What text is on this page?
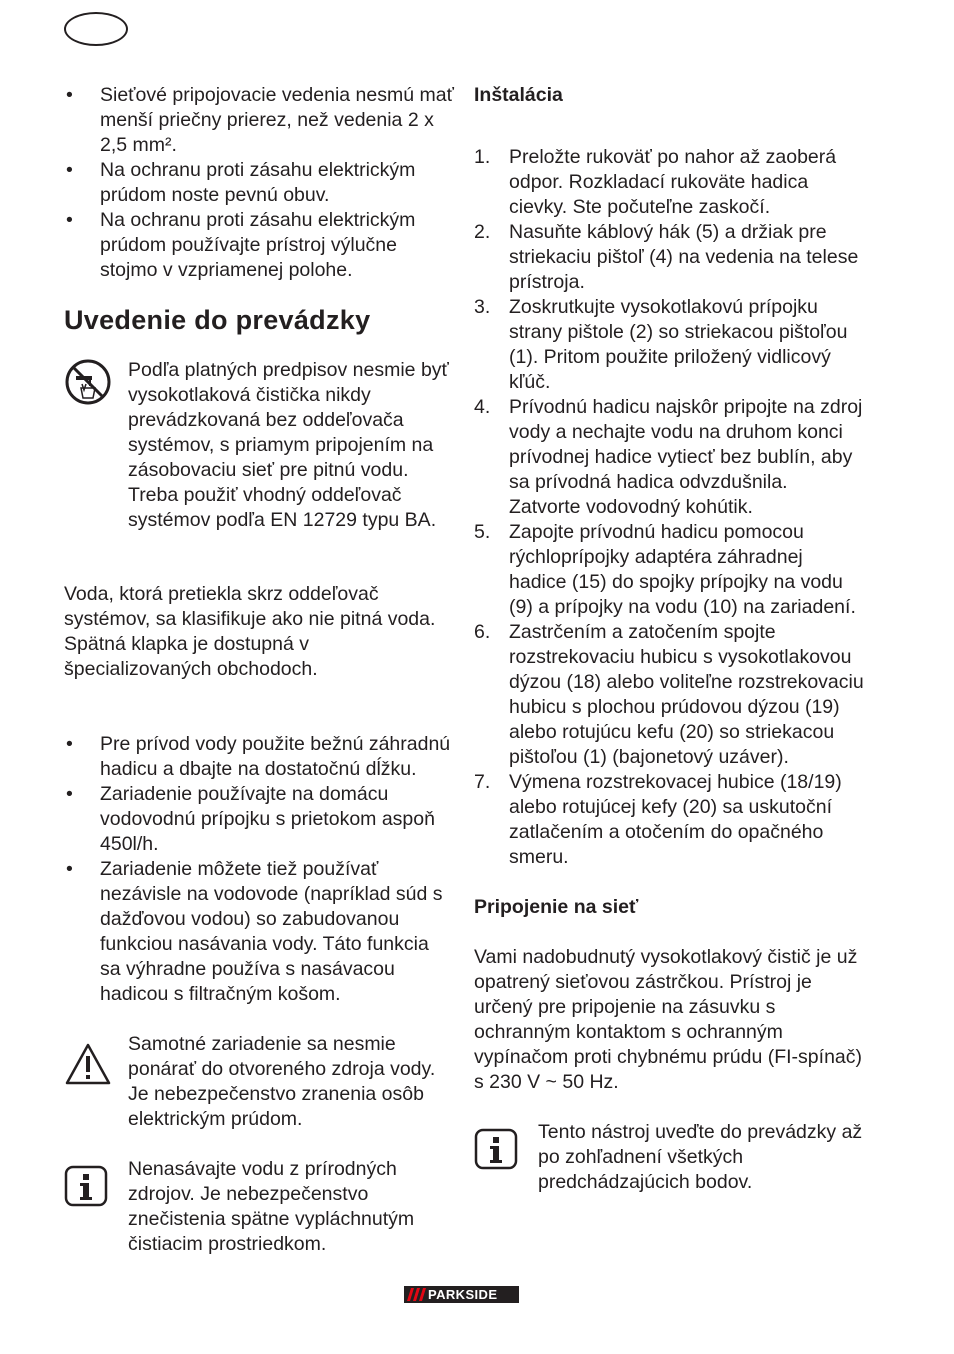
• Sieťové pripojovacie vedenia nesmú mať menší priečny prierez, než vedenia 2 x 2,5 mm².
• Na ochranu proti zásahu elektrickým prúdom noste pevnú obuv.
• Na ochranu proti zásahu elektrickým prúdom používajte prístroj výlučne stojmo v vzpriamenej polohe.
Uvedenie do prevádzky

Podľa platných predpisov nesmie byť vysokotlaková čistička nikdy prevádzkovaná bez oddeľovača systémov, s priamym pripojením na zásobovaciu sieť pre pitnú vodu. Treba použiť vhodný oddeľovač systémov podľa EN 12729 typu BA.

Voda, ktorá pretiekla skrz oddeľovač systémov, sa klasifikuje ako nie pitná voda. Spätná klapka je dostupná v špecializovaných obchodoch.

• Pre prívod vody použite bežnú záhradnú hadicu a dbajte na dostatočnú dĺžku.
• Zariadenie používajte na domácu vodovodnú prípojku s prietokom aspoň 450l/h.
• Zariadenie môžete tiež používať nezávisle na vodovode (napríklad súd s dažďovou vodou) so zabudovanou funkciou nasávania vody. Táto funkcia sa výhradne používa s nasávacou hadicou s filtračným košom.

Samotné zariadenie sa nesmie ponárať do otvoreného zdroja vody. Je nebezpečenstvo zranenia osôb elektrickým prúdom.

Nenasávajte vodu z prírodných zdrojov. Je nebezpečenstvo znečistenia spätne vypláchnutým čistiacim prostriedkom.

Inštalácia
1. Preložte rukoväť po nahor až zaoberá odpor. Rozkladací rukoväte hadica cievky. Ste počuteľne zaskočí.
2. Nasuňte káblový hák (5) a držiak pre striekaciu pištoľ (4) na vedenia na telese prístroja.
3. Zoskrutkujte vysokotlakovú prípojku strany pištole (2) so striekacou pištoľou (1). Pritom použite priložený vidlicový kľúč.
4. Prívodnú hadicu najskôr pripojte na zdroj vody a nechajte vodu na druhom konci prívodnej hadice vytiecť bez bublín, aby sa prívodná hadica odvzdušnila. Zatvorte vodovodný kohútik.
5. Zapojte prívodnú hadicu pomocou rýchloprípojky adaptéra záhradnej hadice (15) do spojky prípojky na vodu (9) a prípojky na vodu (10) na zariadení.
6. Zastrčením a zatočením spojte rozstrekovaciu hubicu s vysokotlakovou dýzou (18) alebo voliteľne rozstrekovaciu hubicu s plochou prúdovou dýzou (19) alebo rotujúcu kefu (20) so striekacou pištoľou (1) (bajonetový uzáver).
7. Výmena rozstrekovacej hubice (18/19) alebo rotujúcej kefy (20) sa uskutoční zatlačením a otočením do opačného smeru.
Pripojenie na sieť

Vami nadobudnutý vysokotlakový čistič je už opatrený sieťovou zástrčkou. Prístroj je určený pre pripojenie na zásuvku s ochranným kontaktom s ochranným vypínačom proti chybnému prúdu (FI-spínač) s 230 V ~ 50 Hz.

Tento nástroj uveďte do prevádzky až po zohľadnení všetkých predchádzajúcich bodov.

PARKSIDE
